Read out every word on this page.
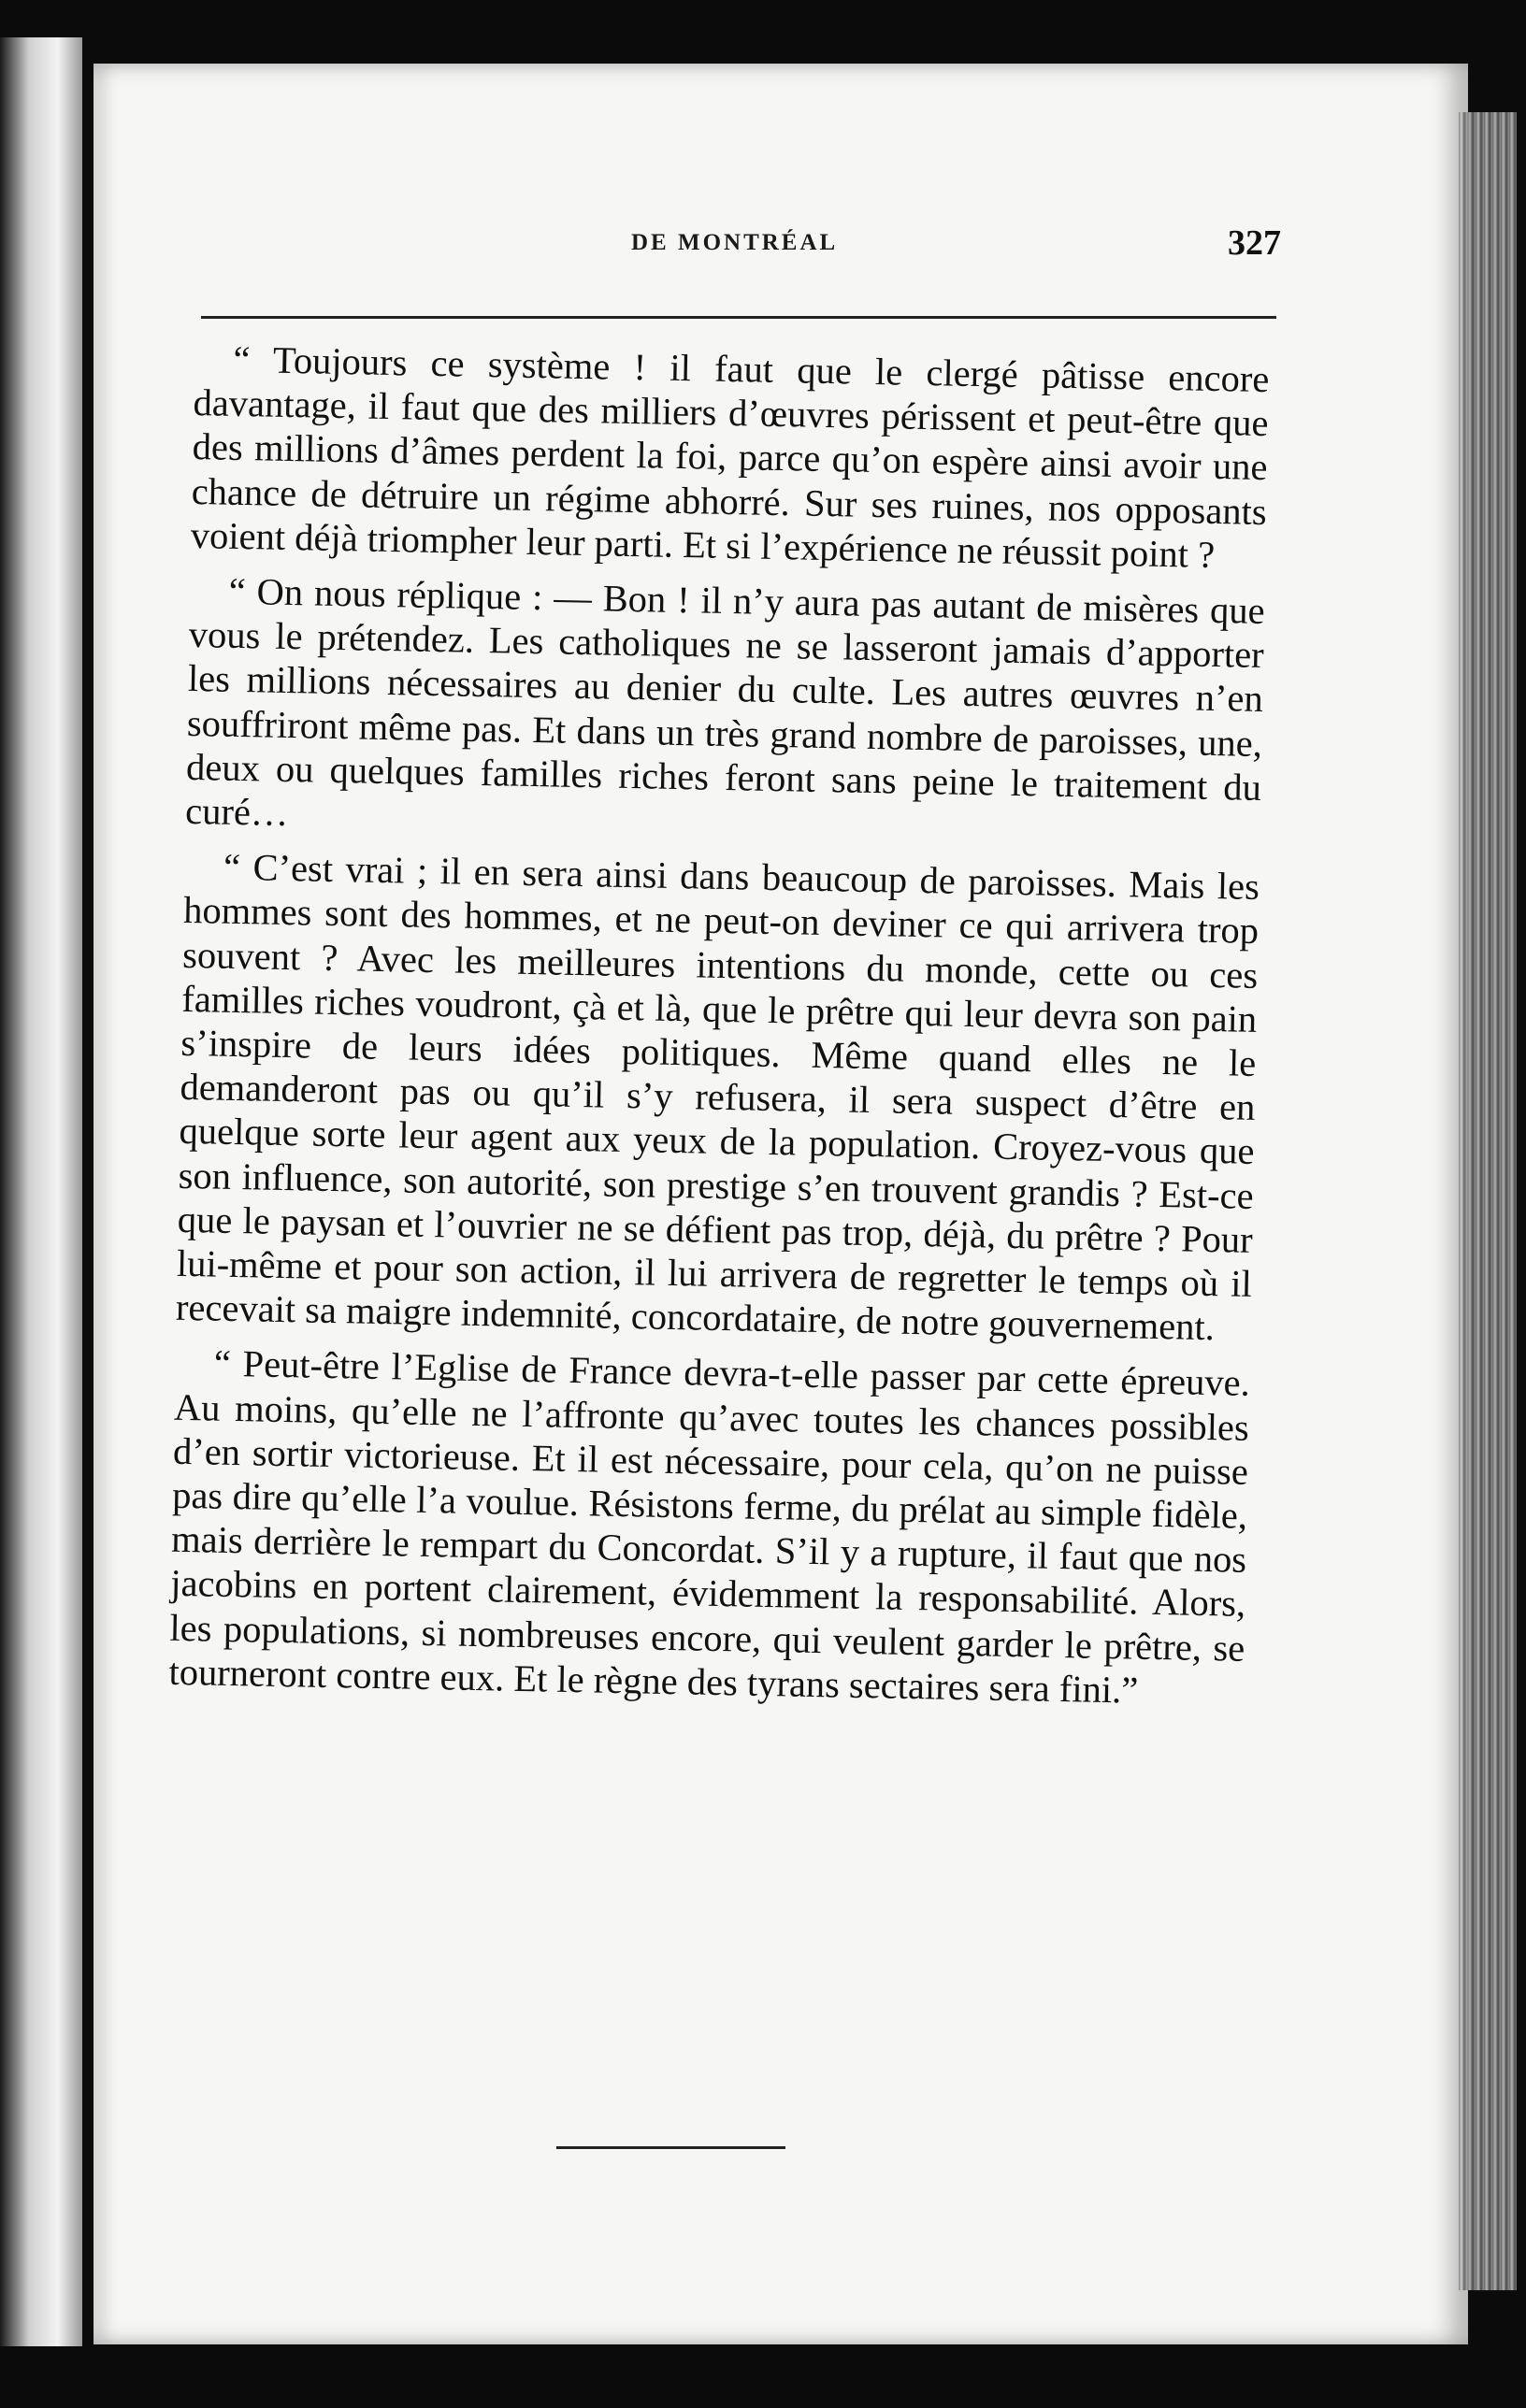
DE MONTRÉAL	327

“ Toujours ce système ! il faut que le clergé pâtisse encore davantage, il faut que des milliers d’œuvres périssent et peut-être que des millions d’âmes perdent la foi, parce qu’on espère ainsi avoir une chance de détruire un régime abhorré. Sur ses ruines, nos opposants voient déjà triompher leur parti. Et si l’expérience ne réussit point ?

“ On nous réplique : — Bon ! il n’y aura pas autant de misères que vous le prétendez. Les catholiques ne se lasseront jamais d’apporter les millions nécessaires au denier du culte. Les autres œuvres n’en souffriront même pas. Et dans un très grand nombre de paroisses, une, deux ou quelques familles riches feront sans peine le traitement du curé…

“ C’est vrai ; il en sera ainsi dans beaucoup de paroisses. Mais les hommes sont des hommes, et ne peut-on deviner ce qui arrivera trop souvent ? Avec les meilleures intentions du monde, cette ou ces familles riches voudront, çà et là, que le prêtre qui leur devra son pain s’inspire de leurs idées politiques. Même quand elles ne le demanderont pas ou qu’il s’y refusera, il sera suspect d’être en quelque sorte leur agent aux yeux de la population. Croyez-vous que son influence, son autorité, son prestige s’en trouvent grandis ? Est-ce que le paysan et l’ouvrier ne se défient pas trop, déjà, du prêtre ? Pour lui-même et pour son action, il lui arrivera de regretter le temps où il recevait sa maigre indemnité, concordataire, de notre gouvernement.

“ Peut-être l’Eglise de France devra-t-elle passer par cette épreuve. Au moins, qu’elle ne l’affronte qu’avec toutes les chances possibles d’en sortir victorieuse. Et il est nécessaire, pour cela, qu’on ne puisse pas dire qu’elle l’a voulue. Résistons ferme, du prélat au simple fidèle, mais derrière le rempart du Concordat. S’il y a rupture, il faut que nos jacobins en portent clairement, évidemment la responsabilité. Alors, les populations, si nombreuses encore, qui veulent garder le prêtre, se tourneront contre eux. Et le règne des tyrans sectaires sera fini.”
